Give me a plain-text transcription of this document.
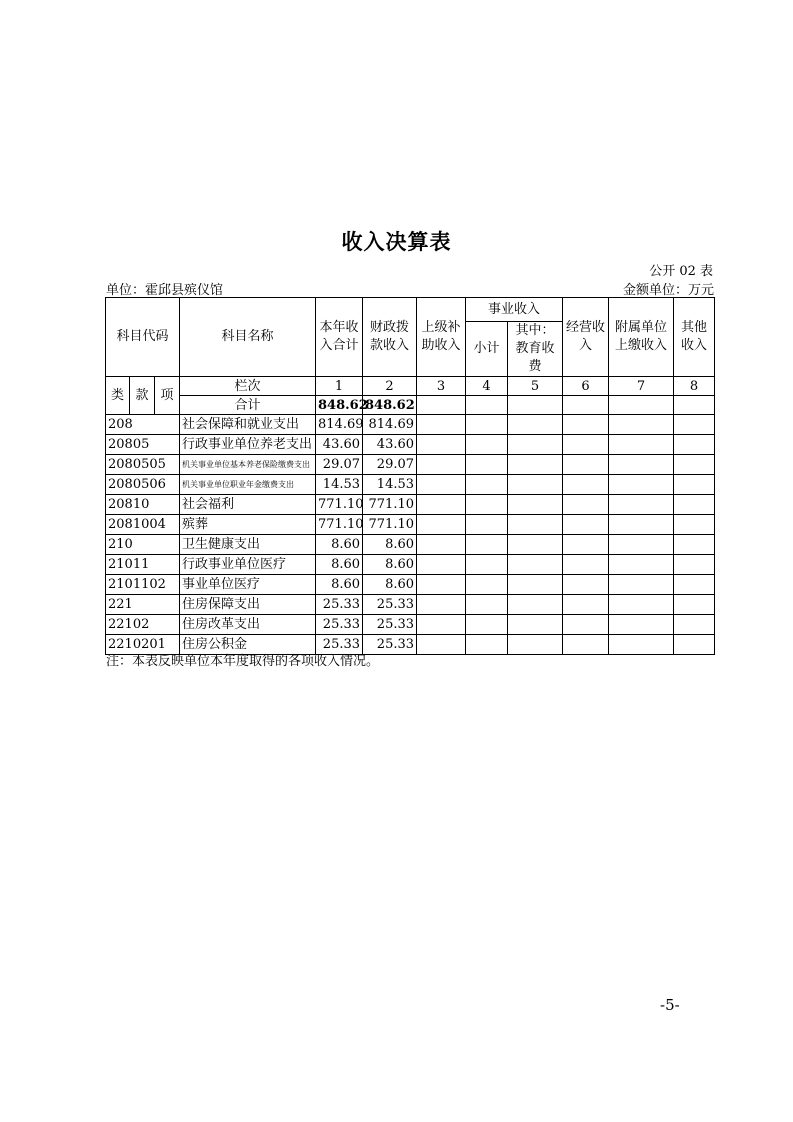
收入决算表
公开 02 表
单位：霍邱县殡仪馆	金额单位：万元
科目代码			科目名称	本年收入合计	财政拨款收入	上级补助收入	事业收入		经营收入	附属单位上缴收入	其他收入
							小计	其中：教育收费			

类	款	项	栏次	1	2	3	4	5	6	7	8
			合计	848.62	848.62						
208			社会保障和就业支出	814.69	814.69						
20805			行政事业单位养老支出	43.60	43.60						
2080505			机关事业单位基本养老保险缴费支出	29.07	29.07						
2080506			机关事业单位职业年金缴费支出	14.53	14.53						
20810			社会福利	771.10	771.10						
2081004			殡葬	771.10	771.10						
210			卫生健康支出	8.60	8.60						
21011			行政事业单位医疗	8.60	8.60						
2101102			事业单位医疗	8.60	8.60						
221			住房保障支出	25.33	25.33						
22102			住房改革支出	25.33	25.33						
2210201			住房公积金	25.33	25.33						
注：本表反映单位本年度取得的各项收入情况。
-5-
